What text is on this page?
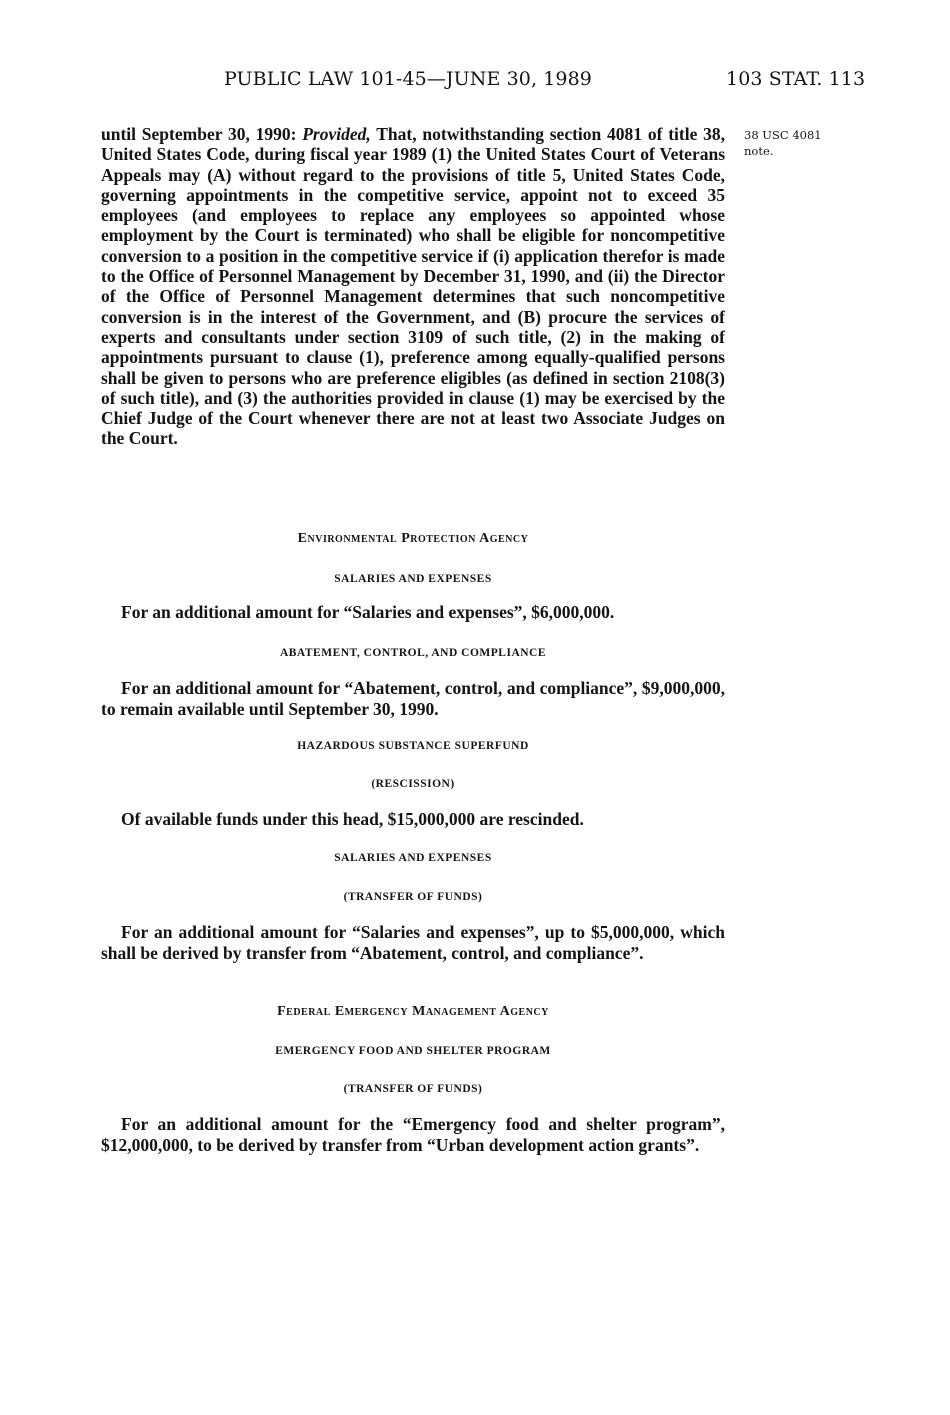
PUBLIC LAW 101-45—JUNE 30, 1989	103 STAT. 113
38 USC 4081
note.

until September 30, 1990: Provided, That, notwithstanding section 4081 of title 38, United States Code, during fiscal year 1989 (1) the United States Court of Veterans Appeals may (A) without regard to the provisions of title 5, United States Code, governing appointments in the competitive service, appoint not to exceed 35 employees (and employees to replace any employees so appointed whose employment by the Court is terminated) who shall be eligible for noncompetitive conversion to a position in the competitive service if (i) application therefor is made to the Office of Personnel Management by December 31, 1990, and (ii) the Director of the Office of Personnel Management determines that such noncompetitive conversion is in the interest of the Government, and (B) procure the services of experts and consultants under section 3109 of such title, (2) in the making of appointments pursuant to clause (1), preference among equally-qualified persons shall be given to persons who are preference eligibles (as defined in section 2108(3) of such title), and (3) the authorities provided in clause (1) may be exercised by the Chief Judge of the Court whenever there are not at least two Associate Judges on the Court.

Environmental Protection Agency
SALARIES AND EXPENSES
For an additional amount for “Salaries and expenses”, $6,000,000.
ABATEMENT, CONTROL, AND COMPLIANCE
For an additional amount for “Abatement, control, and compliance”, $9,000,000, to remain available until September 30, 1990.
HAZARDOUS SUBSTANCE SUPERFUND
(RESCISSION)
Of available funds under this head, $15,000,000 are rescinded.
SALARIES AND EXPENSES
(TRANSFER OF FUNDS)
For an additional amount for “Salaries and expenses”, up to $5,000,000, which shall be derived by transfer from “Abatement, control, and compliance”.
Federal Emergency Management Agency
EMERGENCY FOOD AND SHELTER PROGRAM
(TRANSFER OF FUNDS)
For an additional amount for the “Emergency food and shelter program”, $12,000,000, to be derived by transfer from “Urban development action grants”.
